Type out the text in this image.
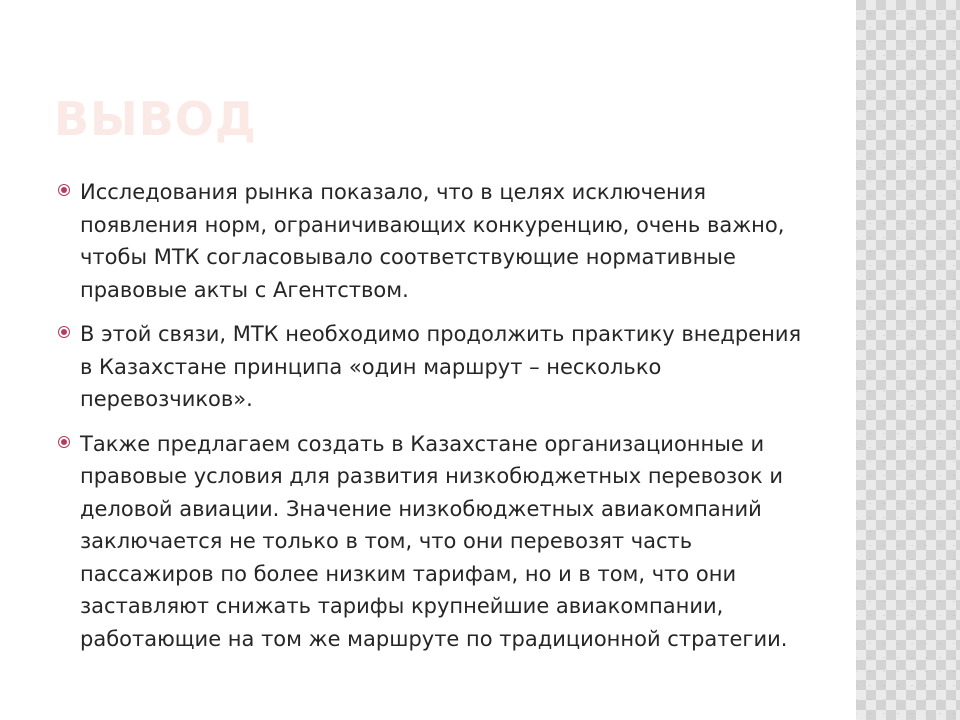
ВЫВОД
Исследования рынка показало, что в целях исключения появления норм, ограничивающих конкуренцию, очень важно, чтобы МТК согласовывало соответствующие нормативные правовые акты с Агентством.
В этой связи, МТК необходимо продолжить практику внедрения в Казахстане принципа «один маршрут – несколько перевозчиков».
Также предлагаем создать в Казахстане организационные и правовые условия для развития низкобюджетных перевозок и деловой авиации. Значение низкобюджетных авиакомпаний заключается не только в том, что они перевозят часть пассажиров по более низким тарифам, но и в том, что они заставляют снижать тарифы крупнейшие авиакомпании, работающие на том же маршруте по традиционной стратегии.
